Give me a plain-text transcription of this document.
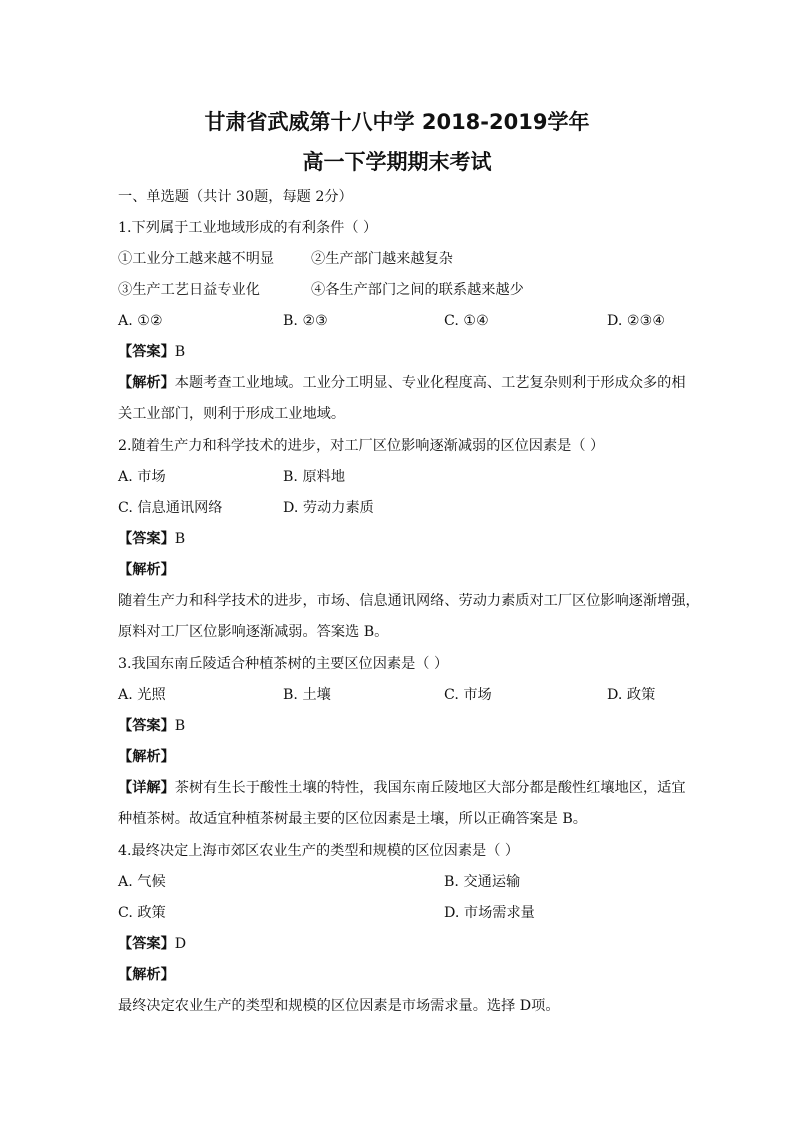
甘肃省武威第十八中学 2018-2019学年
高一下学期期末考试
一、单选题（共计 30题，每题 2分）
1.下列属于工业地域形成的有利条件（ ）
①工业分工越来越不明显	②生产部门越来越复杂
③生产工艺日益专业化	④各生产部门之间的联系越来越少
A. ①②	B. ②③	C. ①④	D. ②③④
【答案】B
【解析】本题考查工业地域。工业分工明显、专业化程度高、工艺复杂则利于形成众多的相
关工业部门，则利于形成工业地域。
2.随着生产力和科学技术的进步，对工厂区位影响逐渐减弱的区位因素是（ ）
A. 市场	B. 原料地
C. 信息通讯网络	D. 劳动力素质
【答案】B
【解析】
随着生产力和科学技术的进步，市场、信息通讯网络、劳动力素质对工厂区位影响逐渐增强，
原料对工厂区位影响逐渐减弱。答案选 B。
3.我国东南丘陵适合种植茶树的主要区位因素是（ ）
A. 光照	B. 土壤	C. 市场	D. 政策
【答案】B
【解析】
【详解】茶树有生长于酸性土壤的特性，我国东南丘陵地区大部分都是酸性红壤地区，适宜
种植茶树。故适宜种植茶树最主要的区位因素是土壤，所以正确答案是 B。
4.最终决定上海市郊区农业生产的类型和规模的区位因素是（ ）
A. 气候	B. 交通运输
C. 政策	D. 市场需求量
【答案】D
【解析】
最终决定农业生产的类型和规模的区位因素是市场需求量。选择 D项。
